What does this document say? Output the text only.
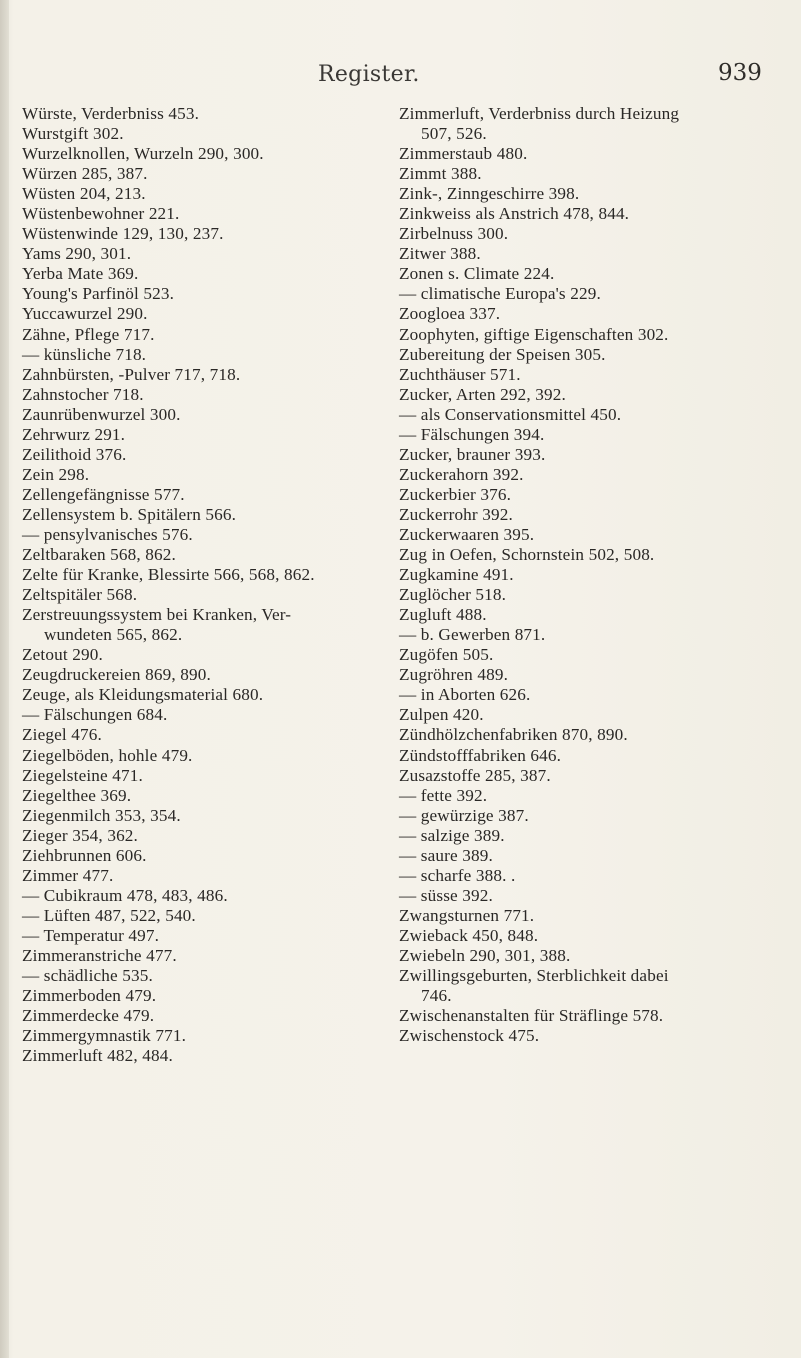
Register.	939
Würste, Verderbniss 453.
Wurstgift 302.
Wurzelknollen, Wurzeln 290, 300.
Würzen 285, 387.
Wüsten 204, 213.
Wüstenbewohner 221.
Wüstenwinde 129, 130, 237.
Yams 290, 301.
Yerba Mate 369.
Young's Parfinöl 523.
Yuccawurzel 290.
Zähne, Pflege 717.
— künsliche 718.
Zahnbürsten, -Pulver 717, 718.
Zahnstocher 718.
Zaunrübenwurzel 300.
Zehrwurz 291.
Zeilithoid 376.
Zein 298.
Zellengefängnisse 577.
Zellensystem b. Spitälern 566.
— pensylvanisches 576.
Zeltbaraken 568, 862.
Zelte für Kranke, Blessirte 566, 568, 862.
Zeltspitäler 568.
Zerstreuungssystem bei Kranken, Ver-
wundeten 565, 862.
Zetout 290.
Zeugdruckereien 869, 890.
Zeuge, als Kleidungsmaterial 680.
— Fälschungen 684.
Ziegel 476.
Ziegelböden, hohle 479.
Ziegelsteine 471.
Ziegelthee 369.
Ziegenmilch 353, 354.
Zieger 354, 362.
Ziehbrunnen 606.
Zimmer 477.
— Cubikraum 478, 483, 486.
— Lüften 487, 522, 540.
— Temperatur 497.
Zimmeranstriche 477.
— schädliche 535.
Zimmerboden 479.
Zimmerdecke 479.
Zimmergymnastik 771.
Zimmerluft 482, 484.
Zimmerluft, Verderbniss durch Heizung
507, 526.
Zimmerstaub 480.
Zimmt 388.
Zink-, Zinngeschirre 398.
Zinkweiss als Anstrich 478, 844.
Zirbelnuss 300.
Zitwer 388.
Zonen s. Climate 224.
— climatische Europa's 229.
Zoogloea 337.
Zoophyten, giftige Eigenschaften 302.
Zubereitung der Speisen 305.
Zuchthäuser 571.
Zucker, Arten 292, 392.
— als Conservationsmittel 450.
— Fälschungen 394.
Zucker, brauner 393.
Zuckerahorn 392.
Zuckerbier 376.
Zuckerrohr 392.
Zuckerwaaren 395.
Zug in Oefen, Schornstein 502, 508.
Zugkamine 491.
Zuglöcher 518.
Zugluft 488.
— b. Gewerben 871.
Zugöfen 505.
Zugröhren 489.
— in Aborten 626.
Zulpen 420.
Zündhölzchenfabriken 870, 890.
Zündstofffabriken 646.
Zusazstoffe 285, 387.
— fette 392.
— gewürzige 387.
— salzige 389.
— saure 389.
— scharfe 388. .
— süsse 392.
Zwangsturnen 771.
Zwieback 450, 848.
Zwiebeln 290, 301, 388.
Zwillingsgeburten, Sterblichkeit dabei
746.
Zwischenanstalten für Sträflinge 578.
Zwischenstock 475.
